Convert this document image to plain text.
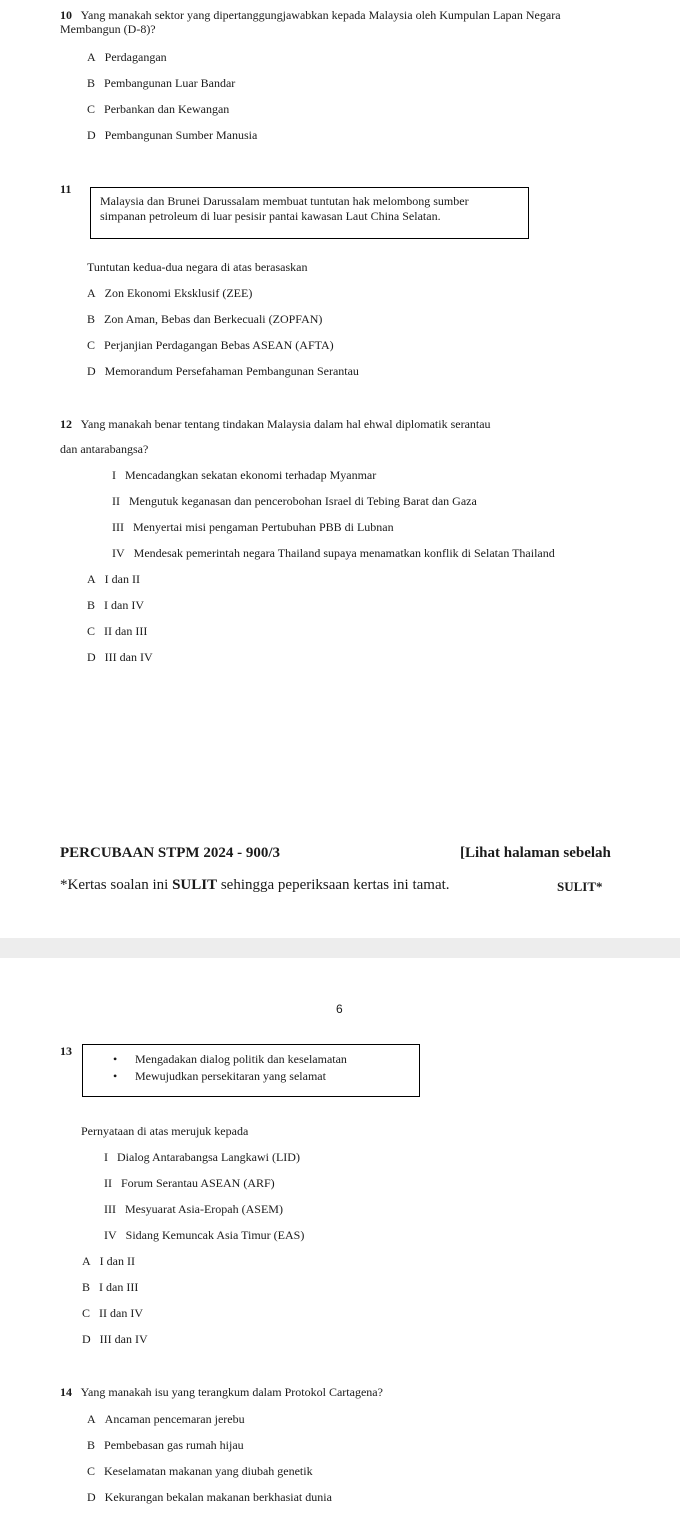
10 Yang manakah sektor yang dipertanggungjawabkan kepada Malaysia oleh Kumpulan Lapan Negara
Membangun (D-8)?
A Perdagangan
B Pembangunan Luar Bandar
C Perbankan dan Kewangan
D Pembangunan Sumber Manusia
11
Malaysia dan Brunei Darussalam membuat tuntutan hak melombong sumber
simpanan petroleum di luar pesisir pantai kawasan Laut China Selatan.
Tuntutan kedua-dua negara di atas berasaskan
A Zon Ekonomi Eksklusif (ZEE)
B Zon Aman, Bebas dan Berkecuali (ZOPFAN)
C Perjanjian Perdagangan Bebas ASEAN (AFTA)
D Memorandum Persefahaman Pembangunan Serantau
12 Yang manakah benar tentang tindakan Malaysia dalam hal ehwal diplomatik serantau
dan antarabangsa?
I Mencadangkan sekatan ekonomi terhadap Myanmar
II Mengutuk keganasan dan pencerobohan Israel di Tebing Barat dan Gaza
III Menyertai misi pengaman Pertubuhan PBB di Lubnan
IV Mendesak pemerintah negara Thailand supaya menamatkan konflik di Selatan Thailand
A I dan II
B I dan IV
C II dan III
D III dan IV
PERCUBAAN STPM 2024 - 900/3	[Lihat halaman sebelah
*Kertas soalan ini SULIT sehingga peperiksaan kertas ini tamat.	SULIT*
6
13
• Mengadakan dialog politik dan keselamatan
• Mewujudkan persekitaran yang selamat
Pernyataan di atas merujuk kepada
I Dialog Antarabangsa Langkawi (LID)
II Forum Serantau ASEAN (ARF)
III Mesyuarat Asia-Eropah (ASEM)
IV Sidang Kemuncak Asia Timur (EAS)
A I dan II
B I dan III
C II dan IV
D III dan IV
14 Yang manakah isu yang terangkum dalam Protokol Cartagena?
A Ancaman pencemaran jerebu
B Pembebasan gas rumah hijau
C Keselamatan makanan yang diubah genetik
D Kekurangan bekalan makanan berkhasiat dunia
